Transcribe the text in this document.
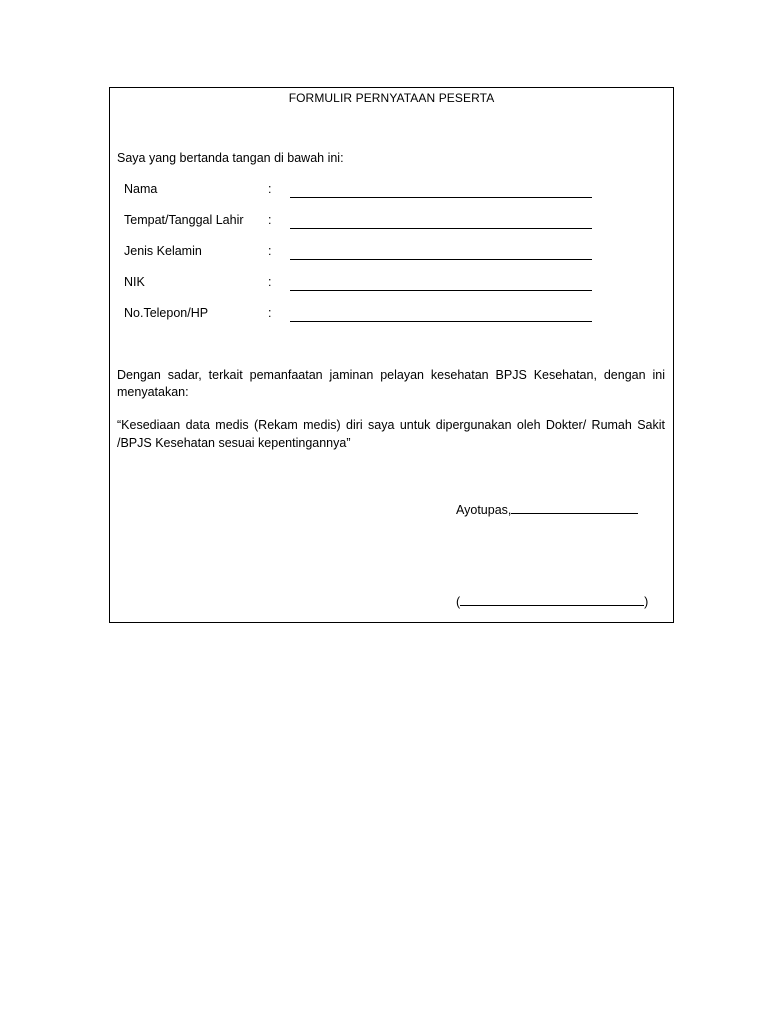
FORMULIR PERNYATAAN PESERTA
Saya yang bertanda tangan di bawah ini:
Nama	:
Tempat/Tanggal Lahir :
Jenis Kelamin	:
NIK	:
No.Telepon/HP	:
Dengan sadar, terkait pemanfaatan jaminan pelayan kesehatan BPJS Kesehatan, dengan ini menyatakan:
“Kesediaan data medis (Rekam medis) diri saya untuk dipergunakan oleh Dokter/ Rumah Sakit /BPJS Kesehatan sesuai kepentingannya”
Ayotupas,
(	)
